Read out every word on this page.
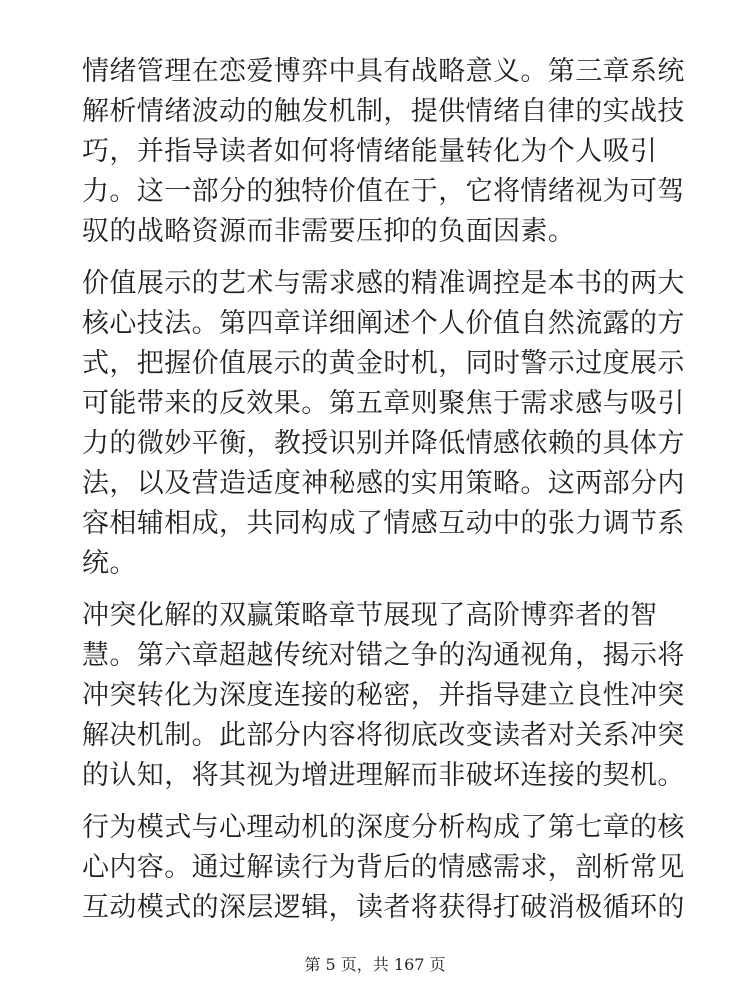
情绪管理在恋爱博弈中具有战略意义。第三章系统
解析情绪波动的触发机制，提供情绪自律的实战技
巧，并指导读者如何将情绪能量转化为个人吸引
力。这一部分的独特价值在于，它将情绪视为可驾
驭的战略资源而非需要压抑的负面因素。

价值展示的艺术与需求感的精准调控是本书的两大
核心技法。第四章详细阐述个人价值自然流露的方
式，把握价值展示的黄金时机，同时警示过度展示
可能带来的反效果。第五章则聚焦于需求感与吸引
力的微妙平衡，教授识别并降低情感依赖的具体方
法，以及营造适度神秘感的实用策略。这两部分内
容相辅相成，共同构成了情感互动中的张力调节系
统。

冲突化解的双赢策略章节展现了高阶博弈者的智
慧。第六章超越传统对错之争的沟通视角，揭示将
冲突转化为深度连接的秘密，并指导建立良性冲突
解决机制。此部分内容将彻底改变读者对关系冲突
的认知，将其视为增进理解而非破坏连接的契机。

行为模式与心理动机的深度分析构成了第七章的核
心内容。通过解读行为背后的情感需求，剖析常见
互动模式的深层逻辑，读者将获得打破消极循环的

第 5 页，共 167 页
